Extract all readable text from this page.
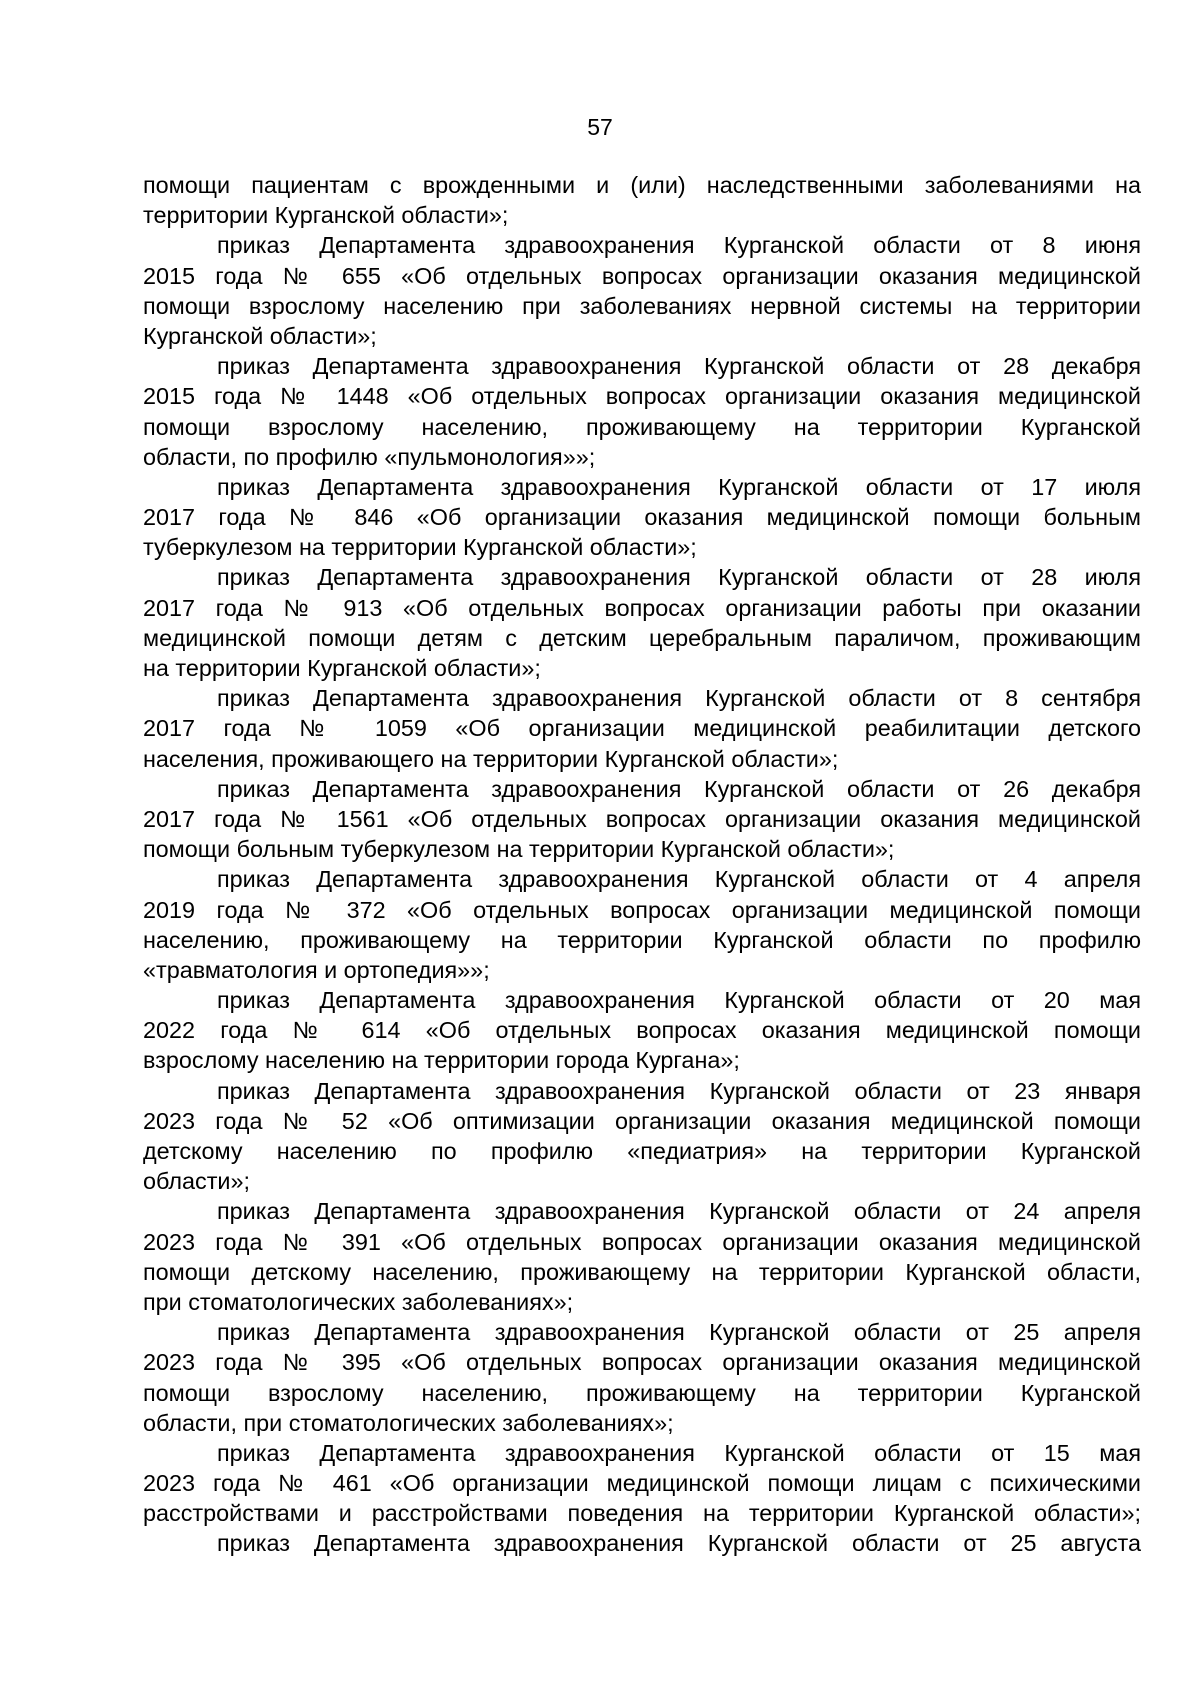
57
помощи пациентам с врожденными и (или) наследственными заболеваниями на
территории Курганской области»;
приказ Департамента здравоохранения Курганской области от 8 июня
2015 года № 655 «Об отдельных вопросах организации оказания медицинской
помощи взрослому населению при заболеваниях нервной системы на территории
Курганской области»;
приказ Департамента здравоохранения Курганской области от 28 декабря
2015 года № 1448 «Об отдельных вопросах организации оказания медицинской
помощи взрослому населению, проживающему на территории Курганской
области, по профилю «пульмонология»»;
приказ Департамента здравоохранения Курганской области от 17 июля
2017 года № 846 «Об организации оказания медицинской помощи больным
туберкулезом на территории Курганской области»;
приказ Департамента здравоохранения Курганской области от 28 июля
2017 года № 913 «Об отдельных вопросах организации работы при оказании
медицинской помощи детям с детским церебральным параличом, проживающим
на территории Курганской области»;
приказ Департамента здравоохранения Курганской области от 8 сентября
2017 года № 1059 «Об организации медицинской реабилитации детского
населения, проживающего на территории Курганской области»;
приказ Департамента здравоохранения Курганской области от 26 декабря
2017 года № 1561 «Об отдельных вопросах организации оказания медицинской
помощи больным туберкулезом на территории Курганской области»;
приказ Департамента здравоохранения Курганской области от 4 апреля
2019 года № 372 «Об отдельных вопросах организации медицинской помощи
населению, проживающему на территории Курганской области по профилю
«травматология и ортопедия»»;
приказ Департамента здравоохранения Курганской области от 20 мая
2022 года № 614 «Об отдельных вопросах оказания медицинской помощи
взрослому населению на территории города Кургана»;
приказ Департамента здравоохранения Курганской области от 23 января
2023 года № 52 «Об оптимизации организации оказания медицинской помощи
детскому населению по профилю «педиатрия» на территории Курганской
области»;
приказ Департамента здравоохранения Курганской области от 24 апреля
2023 года № 391 «Об отдельных вопросах организации оказания медицинской
помощи детскому населению, проживающему на территории Курганской области,
при стоматологических заболеваниях»;
приказ Департамента здравоохранения Курганской области от 25 апреля
2023 года № 395 «Об отдельных вопросах организации оказания медицинской
помощи взрослому населению, проживающему на территории Курганской
области, при стоматологических заболеваниях»;
приказ Департамента здравоохранения Курганской области от 15 мая
2023 года № 461 «Об организации медицинской помощи лицам с психическими
расстройствами и расстройствами поведения на территории Курганской области»;
приказ Департамента здравоохранения Курганской области от 25 августа
